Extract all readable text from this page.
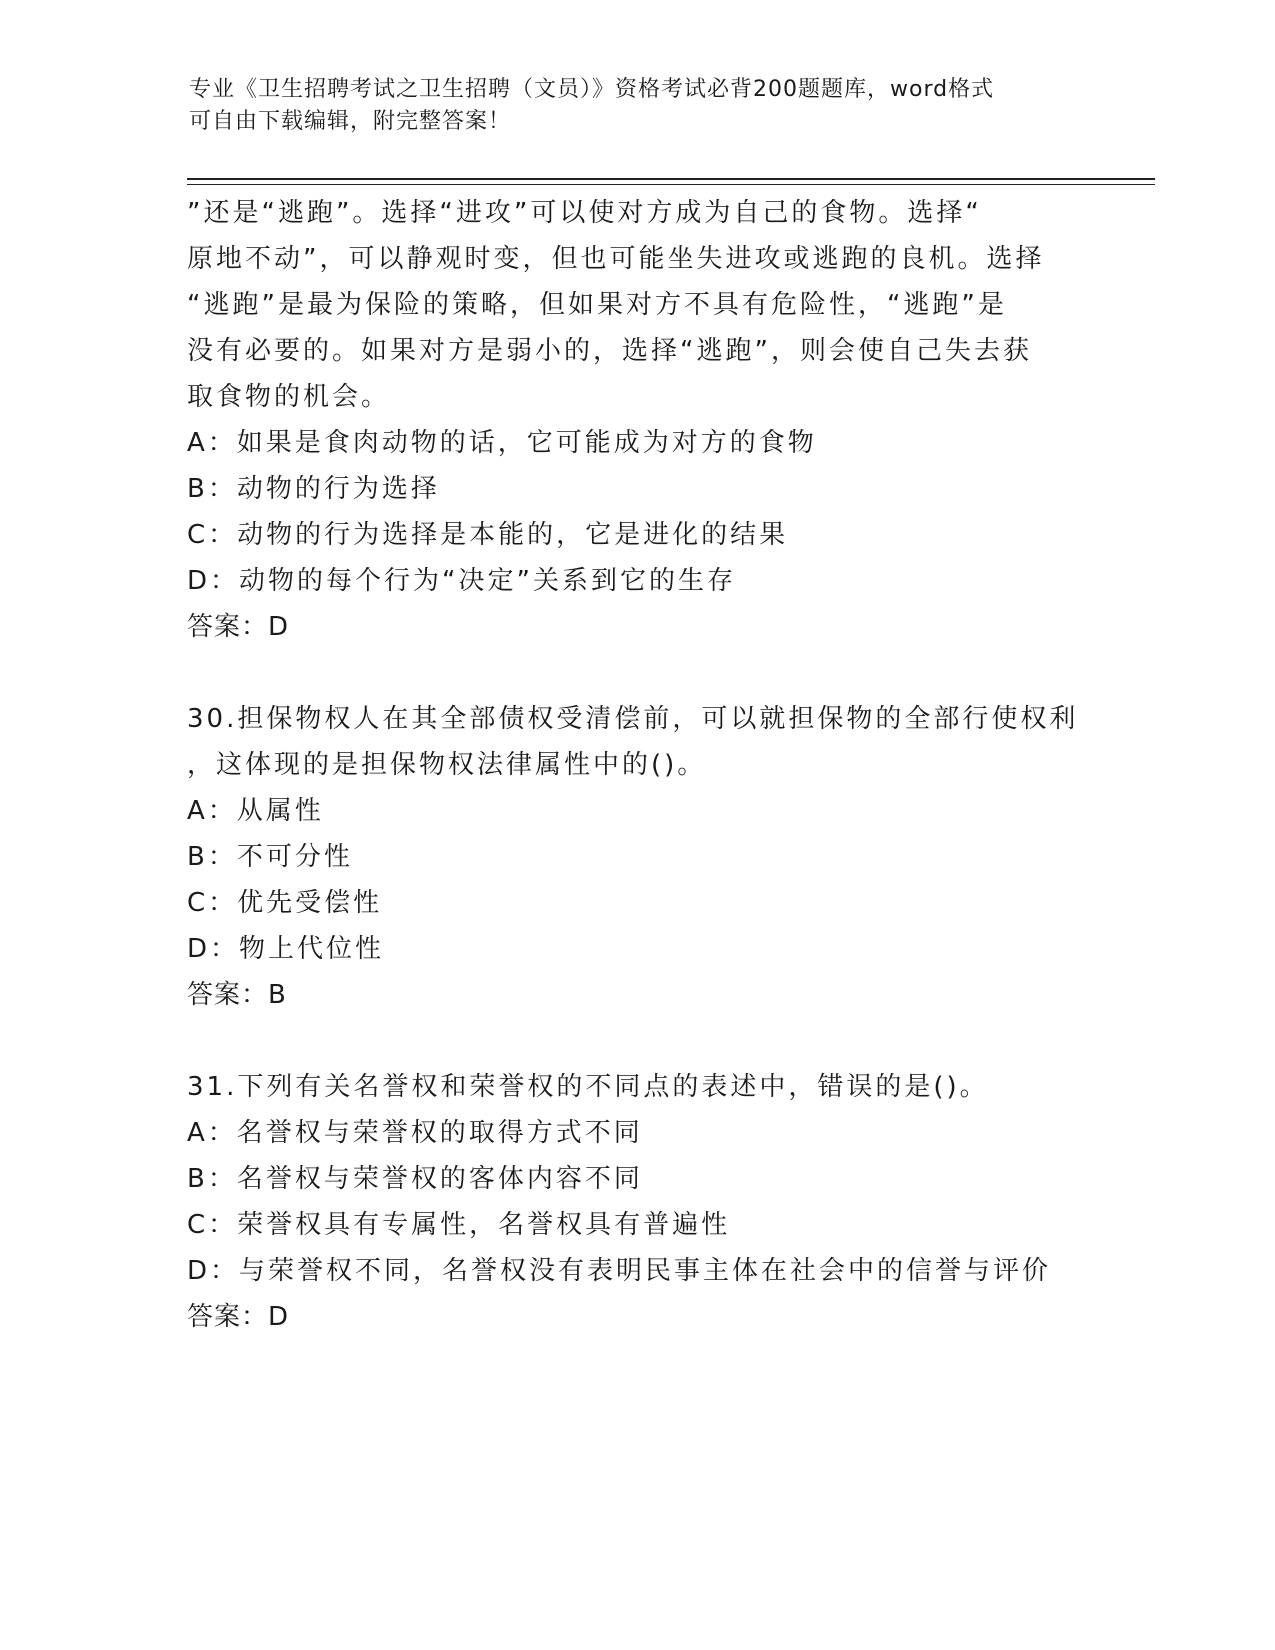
专业《卫生招聘考试之卫生招聘（文员）》资格考试必背200题题库，word格式
可自由下载编辑，附完整答案！
”还是“逃跑”。选择“进攻”可以使对方成为自己的食物。选择“
原地不动”，可以静观时变，但也可能坐失进攻或逃跑的良机。选择
“逃跑”是最为保险的策略，但如果对方不具有危险性，“逃跑”是
没有必要的。如果对方是弱小的，选择“逃跑”，则会使自己失去获
取食物的机会。
A：如果是食肉动物的话，它可能成为对方的食物
B：动物的行为选择
C：动物的行为选择是本能的，它是进化的结果
D：动物的每个行为“决定”关系到它的生存
答案：D
30.担保物权人在其全部债权受清偿前，可以就担保物的全部行使权利
，这体现的是担保物权法律属性中的()。
A：从属性
B：不可分性
C：优先受偿性
D：物上代位性
答案：B
31.下列有关名誉权和荣誉权的不同点的表述中，错误的是()。
A：名誉权与荣誉权的取得方式不同
B：名誉权与荣誉权的客体内容不同
C：荣誉权具有专属性，名誉权具有普遍性
D：与荣誉权不同，名誉权没有表明民事主体在社会中的信誉与评价
答案：D
